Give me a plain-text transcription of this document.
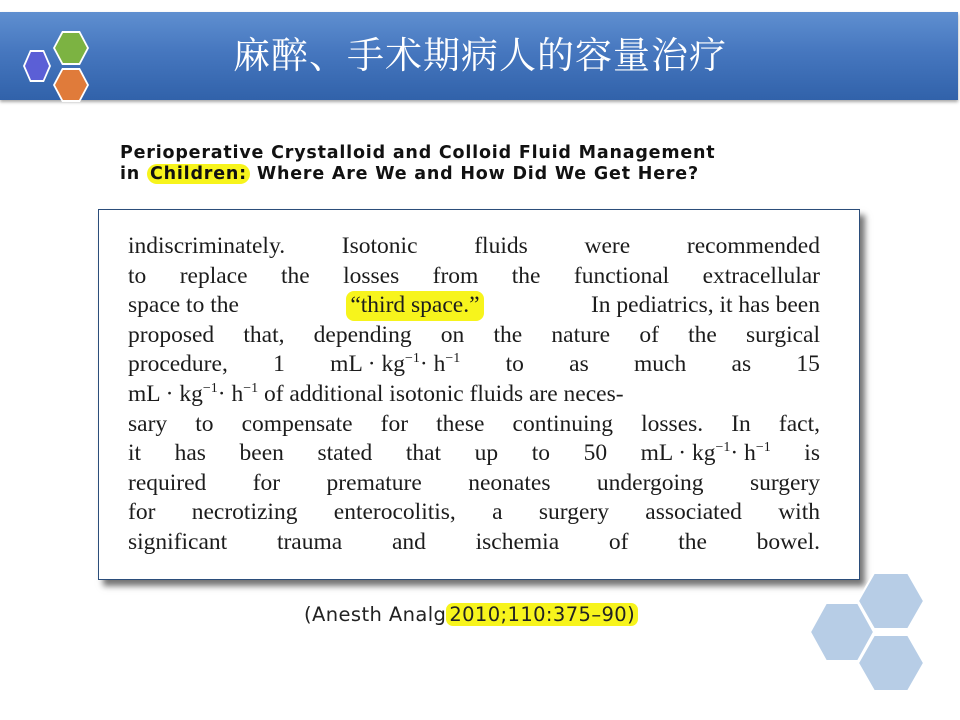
麻醉、手术期病人的容量治疗
Perioperative Crystalloid and Colloid Fluid Management
in Children: Where Are We and How Did We Get Here?
indiscriminately. Isotonic fluids were recommended
to replace the losses from the functional extracellular
space to the	“third space.”	In pediatrics, it has been
proposed that, depending on the nature of the surgical
procedure, 1 mL · $kg^{-1}\cdot h^{-1}$ to as much as 15
mL · $kg^{-1}\cdot h^{-1}$ of additional isotonic fluids are neces-
sary to compensate for these continuing losses. In fact,
it has been stated that up to 50 mL · $kg^{-1}\cdot h^{-1}$ is
required for premature neonates undergoing surgery
for necrotizing enterocolitis, a surgery associated with
significant trauma and ischemia of the bowel.
(Anesth Analg 2010;110:375–90)
